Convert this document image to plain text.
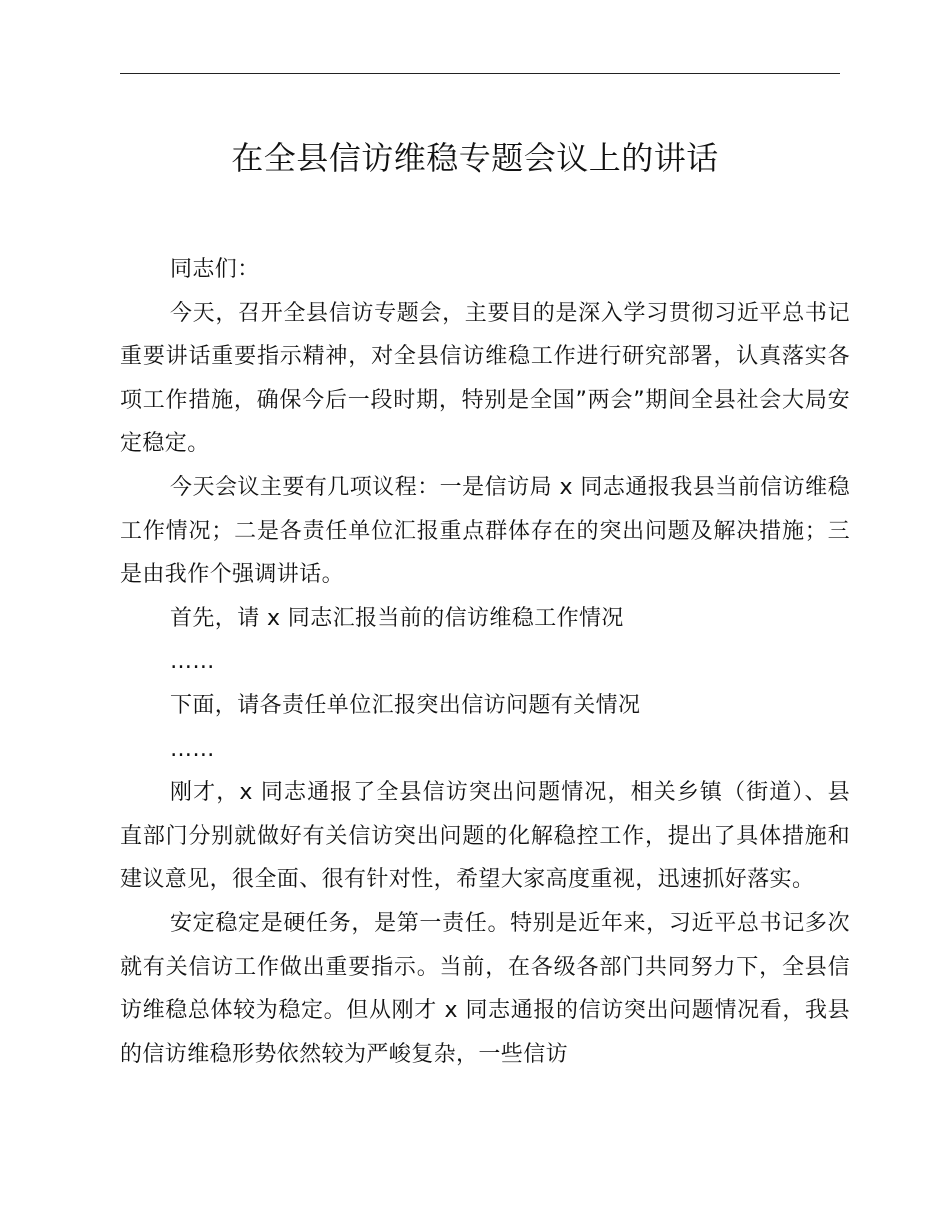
在全县信访维稳专题会议上的讲话

同志们：

今天，召开全县信访专题会，主要目的是深入学习贯彻习近平总书记重要讲话重要指示精神，对全县信访维稳工作进行研究部署，认真落实各项工作措施，确保今后一段时期，特别是全国”两会”期间全县社会大局安定稳定。

今天会议主要有几项议程：一是信访局 x 同志通报我县当前信访维稳工作情况；二是各责任单位汇报重点群体存在的突出问题及解决措施；三是由我作个强调讲话。

首先，请 x 同志汇报当前的信访维稳工作情况

……

下面，请各责任单位汇报突出信访问题有关情况

……

刚才，x 同志通报了全县信访突出问题情况，相关乡镇（街道）、县直部门分别就做好有关信访突出问题的化解稳控工作，提出了具体措施和建议意见，很全面、很有针对性，希望大家高度重视，迅速抓好落实。

安定稳定是硬任务，是第一责任。特别是近年来，习近平总书记多次就有关信访工作做出重要指示。当前，在各级各部门共同努力下，全县信访维稳总体较为稳定。但从刚才 x 同志通报的信访突出问题情况看，我县的信访维稳形势依然较为严峻复杂，一些信访
